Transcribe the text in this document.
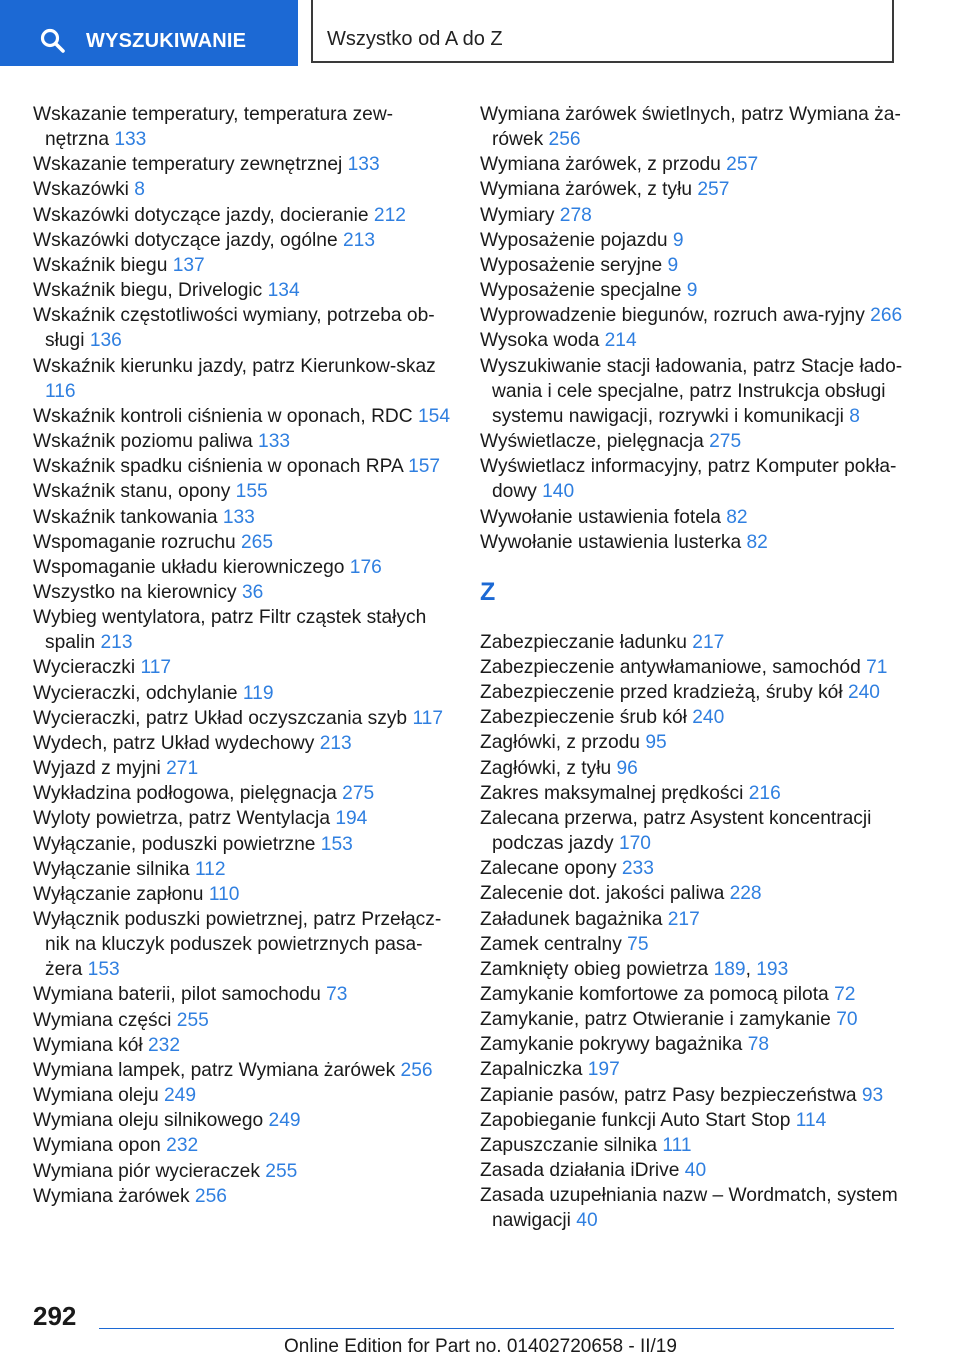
WYSZUKIWANIE	Wszystko od A do Z
Wskazanie temperatury, temperatura zew-nętrzna 133
Wskazanie temperatury zewnętrznej 133
Wskazówki 8
Wskazówki dotyczące jazdy, docieranie 212
Wskazówki dotyczące jazdy, ogólne 213
Wskaźnik biegu 137
Wskaźnik biegu, Drivelogic 134
Wskaźnik częstotliwości wymiany, potrzeba ob-sługi 136
Wskaźnik kierunku jazdy, patrz Kierunkow-skaz 116
Wskaźnik kontroli ciśnienia w oponach, RDC 154
Wskaźnik poziomu paliwa 133
Wskaźnik spadku ciśnienia w oponach RPA 157
Wskaźnik stanu, opony 155
Wskaźnik tankowania 133
Wspomaganie rozruchu 265
Wspomaganie układu kierowniczego 176
Wszystko na kierownicy 36
Wybieg wentylatora, patrz Filtr cząstek stałych spalin 213
Wycieraczki 117
Wycieraczki, odchylanie 119
Wycieraczki, patrz Układ oczyszczania szyb 117
Wydech, patrz Układ wydechowy 213
Wyjazd z myjni 271
Wykładzina podłogowa, pielęgnacja 275
Wyloty powietrza, patrz Wentylacja 194
Wyłączanie, poduszki powietrzne 153
Wyłączanie silnika 112
Wyłączanie zapłonu 110
Wyłącznik poduszki powietrznej, patrz Przełącz-nik na kluczyk poduszek powietrznych pasa-żera 153
Wymiana baterii, pilot samochodu 73
Wymiana części 255
Wymiana kół 232
Wymiana lampek, patrz Wymiana żarówek 256
Wymiana oleju 249
Wymiana oleju silnikowego 249
Wymiana opon 232
Wymiana piór wycieraczek 255
Wymiana żarówek 256
Wymiana żarówek świetlnych, patrz Wymiana ża-rówek 256
Wymiana żarówek, z przodu 257
Wymiana żarówek, z tyłu 257
Wymiary 278
Wyposażenie pojazdu 9
Wyposażenie seryjne 9
Wyposażenie specjalne 9
Wyprowadzenie biegunów, rozruch awa-ryjny 266
Wysoka woda 214
Wyszukiwanie stacji ładowania, patrz Stacje łado-wania i cele specjalne, patrz Instrukcja obsługi systemu nawigacji, rozrywki i komunikacji 8
Wyświetlacze, pielęgnacja 275
Wyświetlacz informacyjny, patrz Komputer pokła-dowy 140
Wywołanie ustawienia fotela 82
Wywołanie ustawienia lusterka 82
Z
Zabezpieczanie ładunku 217
Zabezpieczenie antywłamaniowe, samochód 71
Zabezpieczenie przed kradzieżą, śruby kół 240
Zabezpieczenie śrub kół 240
Zagłówki, z przodu 95
Zagłówki, z tyłu 96
Zakres maksymalnej prędkości 216
Zalecana przerwa, patrz Asystent koncentracji podczas jazdy 170
Zalecane opony 233
Zalecenie dot. jakości paliwa 228
Załadunek bagażnika 217
Zamek centralny 75
Zamknięty obieg powietrza 189, 193
Zamykanie komfortowe za pomocą pilota 72
Zamykanie, patrz Otwieranie i zamykanie 70
Zamykanie pokrywy bagażnika 78
Zapalniczka 197
Zapianie pasów, patrz Pasy bezpieczeństwa 93
Zapobieganie funkcji Auto Start Stop 114
Zapuszczanie silnika 111
Zasada działania iDrive 40
Zasada uzupełniania nazw – Wordmatch, system nawigacji 40
292
Online Edition for Part no. 01402720658 - II/19
